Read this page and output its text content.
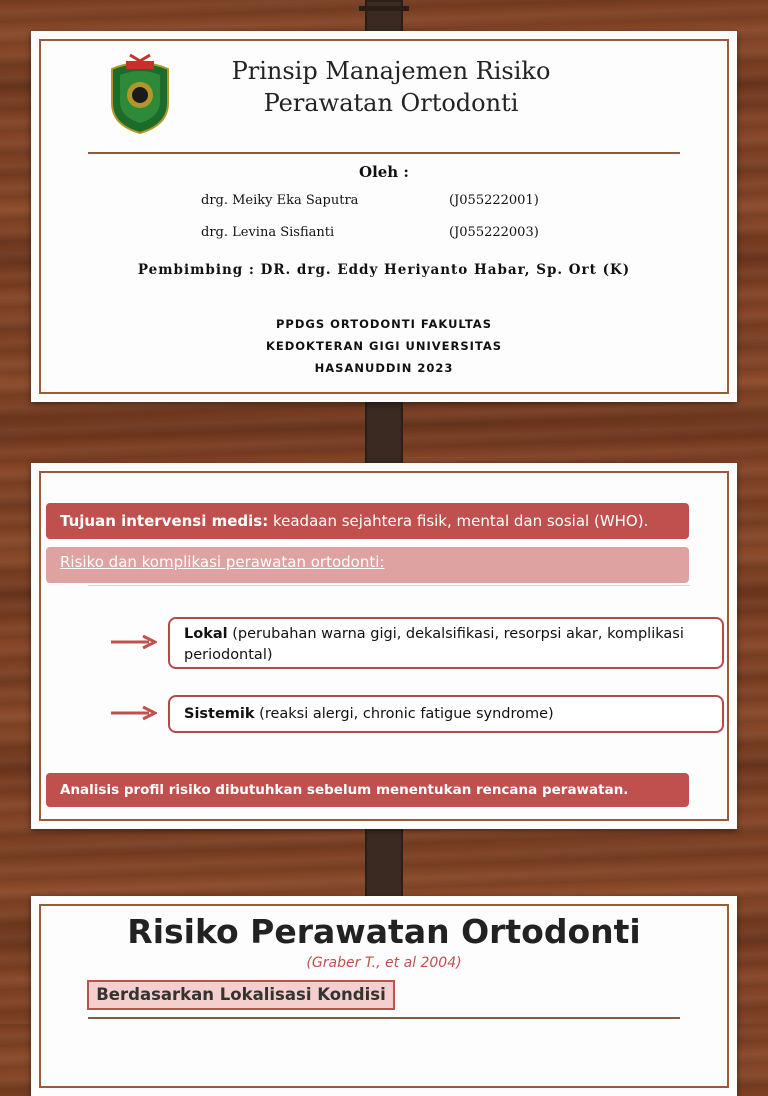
Prinsip Manajemen Risiko
Perawatan Ortodonti
Oleh :
drg. Meiky Eka Saputra	(J055222001)
drg. Levina Sisfianti	(J055222003)
Pembimbing : DR. drg. Eddy Heriyanto Habar, Sp. Ort (K)
PPDGS ORTODONTI FAKULTAS
KEDOKTERAN GIGI UNIVERSITAS
HASANUDDIN 2023
Tujuan intervensi medis: keadaan sejahtera fisik, mental dan sosial (WHO).
Risiko dan komplikasi perawatan ortodonti:
Lokal (perubahan warna gigi, dekalsifikasi, resorpsi akar, komplikasi periodontal)
Sistemik (reaksi alergi, chronic fatigue syndrome)
Analisis profil risiko dibutuhkan sebelum menentukan rencana perawatan.
Risiko Perawatan Ortodonti
(Graber T., et al 2004)
Berdasarkan Lokalisasi Kondisi
